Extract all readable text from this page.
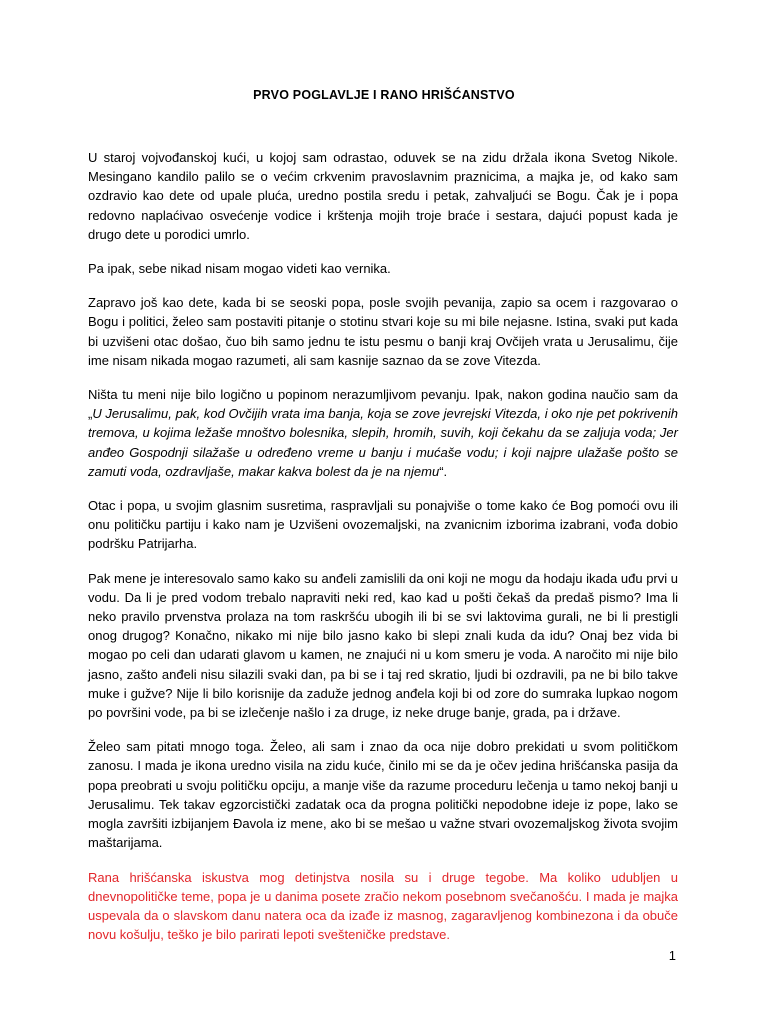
PRVO POGLAVLJE I RANO HRIŠĆANSTVO

U staroj vojvođanskoj kući, u kojoj sam odrastao, oduvek se na zidu držala ikona Svetog Nikole. Mesingano kandilo palilo se o većim crkvenim pravoslavnim praznicima, a majka je, od kako sam ozdravio kao dete od upale pluća, uredno postila sredu i petak, zahvaljući se Bogu. Čak je i popa redovno naplaćivao osvećenje vodice i krštenja mojih troje braće i sestara, dajući popust kada je drugo dete u porodici umrlo.

Pa ipak, sebe nikad nisam mogao videti kao vernika.

Zapravo još kao dete, kada bi se seoski popa, posle svojih pevanija, zapio sa ocem i razgovarao o Bogu i politici, želeo sam postaviti pitanje o stotinu stvari koje su mi bile nejasne. Istina, svaki put kada bi uzvišeni otac došao, čuo bih samo jednu te istu pesmu o banji kraj Ovčijeh vrata u Jerusalimu, čije ime nisam nikada mogao razumeti, ali sam kasnije saznao da se zove Vitezda.

Ništa tu meni nije bilo logično u popinom nerazumljivom pevanju. Ipak, nakon godina naučio sam da „U Jerusalimu, pak, kod Ovčijih vrata ima banja, koja se zove jevrejski Vitezda, i oko nje pet pokrivenih tremova, u kojima ležaše mnoštvo bolesnika, slepih, hromih, suvih, koji čekahu da se zaljuja voda; Jer anđeo Gospodnji silažaše u određeno vreme u banju i mućaše vodu; i koji najpre ulažaše pošto se zamuti voda, ozdravljaše, makar kakva bolest da je na njemu“.

Otac i popa, u svojim glasnim susretima, raspravljali su ponajviše o tome kako će Bog pomoći ovu ili onu političku partiju i kako nam je Uzvišeni ovozemaljski, na zvanicnim izborima izabrani, vođa dobio podršku Patrijarha.

Pak mene je interesovalo samo kako su anđeli zamislili da oni koji ne mogu da hodaju ikada uđu prvi u vodu. Da li je pred vodom trebalo napraviti neki red, kao kad u pošti čekaš da predaš pismo? Ima li neko pravilo prvenstva prolaza na tom raskršću ubogih ili bi se svi laktovima gurali, ne bi li prestigli onog drugog? Konačno, nikako mi nije bilo jasno kako bi slepi znali kuda da idu? Onaj bez vida bi mogao po celi dan udarati glavom u kamen, ne znajući ni u kom smeru je voda. A naročito mi nije bilo jasno, zašto anđeli nisu silazili svaki dan, pa bi se i taj red skratio, ljudi bi ozdravili, pa ne bi bilo takve muke i gužve? Nije li bilo korisnije da zaduže jednog anđela koji bi od zore do sumraka lupkao nogom po površini vode, pa bi se izlečenje našlo i za druge, iz neke druge banje, grada, pa i države.

Želeo sam pitati mnogo toga. Želeo, ali sam i znao da oca nije dobro prekidati u svom političkom zanosu. I mada je ikona uredno visila na zidu kuće, činilo mi se da je očev jedina hrišćanska pasija da popa preobrati u svoju političku opciju, a manje više da razume proceduru lečenja u tamo nekoj banji u Jerusalimu. Tek takav egzorcistički zadatak oca da progna politički nepodobne ideje iz pope, lako se mogla završiti izbijanjem Đavola iz mene, ako bi se mešao u važne stvari ovozemaljskog života svojim maštarijama.

Rana hrišćanska iskustva mog detinjstva nosila su i druge tegobe. Ma koliko udubljen u dnevnopolitičke teme, popa je u danima posete zračio nekom posebnom svečanošću. I mada je majka uspevala da o slavskom danu natera oca da izađe iz masnog, zagaravljenog kombinezona i da obuče novu košulju, teško je bilo parirati lepoti svešteničke predstave.

1
